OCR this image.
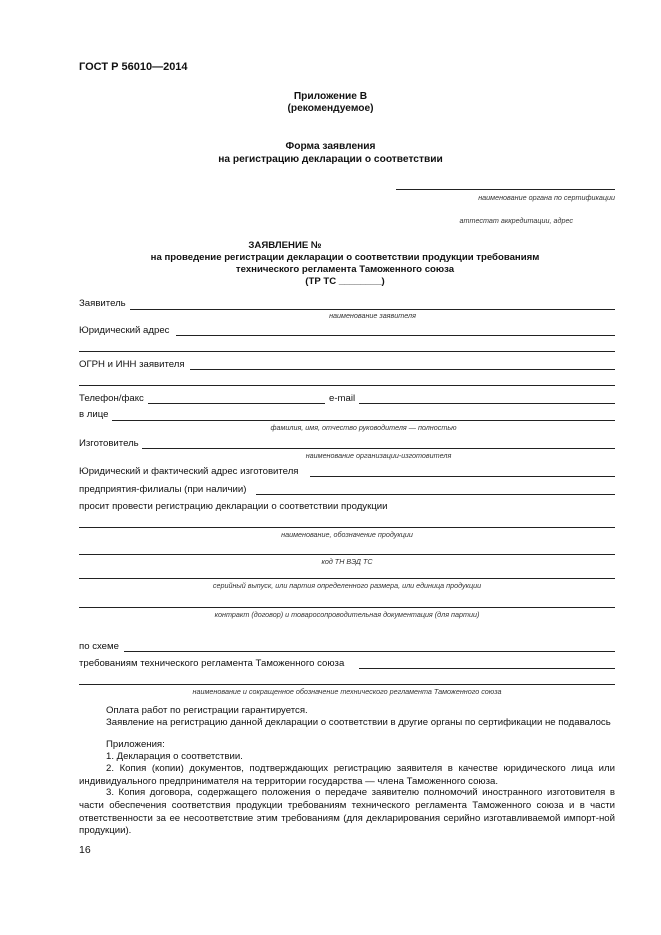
ГОСТ Р 56010—2014
Приложение В
(рекомендуемое)
Форма заявления
на регистрацию декларации о соответствии
наименование органа по сертификации
аттестат аккредитации, адрес
ЗАЯВЛЕНИЕ №
на проведение регистрации декларации о соответствии продукции требованиям
технического регламента Таможенного союза
(ТР ТС ________)
Заявитель
наименование заявителя
Юридический адрес
ОГРН и ИНН заявителя
Телефон/факс	e-mail
в лице
фамилия, имя, отчество руководителя — полностью
Изготовитель
наименование организации-изготовителя
Юридический и фактический адрес изготовителя
предприятия-филиалы (при наличии)
просит провести регистрацию декларации о соответствии продукции
наименование, обозначение продукции
код ТН ВЭД ТС
серийный выпуск, или партия определенного размера, или единица продукции
контракт (договор) и товаросопроводительная документация (для партии)
по схеме
требованиям технического регламента Таможенного союза
наименование и сокращенное обозначение технического регламента Таможенного союза
Оплата работ по регистрации гарантируется.
Заявление на регистрацию данной декларации о соответствии в другие органы по сертификации не подавалось
Приложения:
1. Декларация о соответствии.
2. Копия (копии) документов, подтверждающих регистрацию заявителя в качестве юридического лица или индивидуального предпринимателя на территории государства — члена Таможенного союза.
3. Копия договора, содержащего положения о передаче заявителю полномочий иностранного изготовителя в части обеспечения соответствия продукции требованиям технического регламента Таможенного союза и в части ответственности за ее несоответствие этим требованиям (для декларирования серийно изготавливаемой импорт-ной продукции).
16
